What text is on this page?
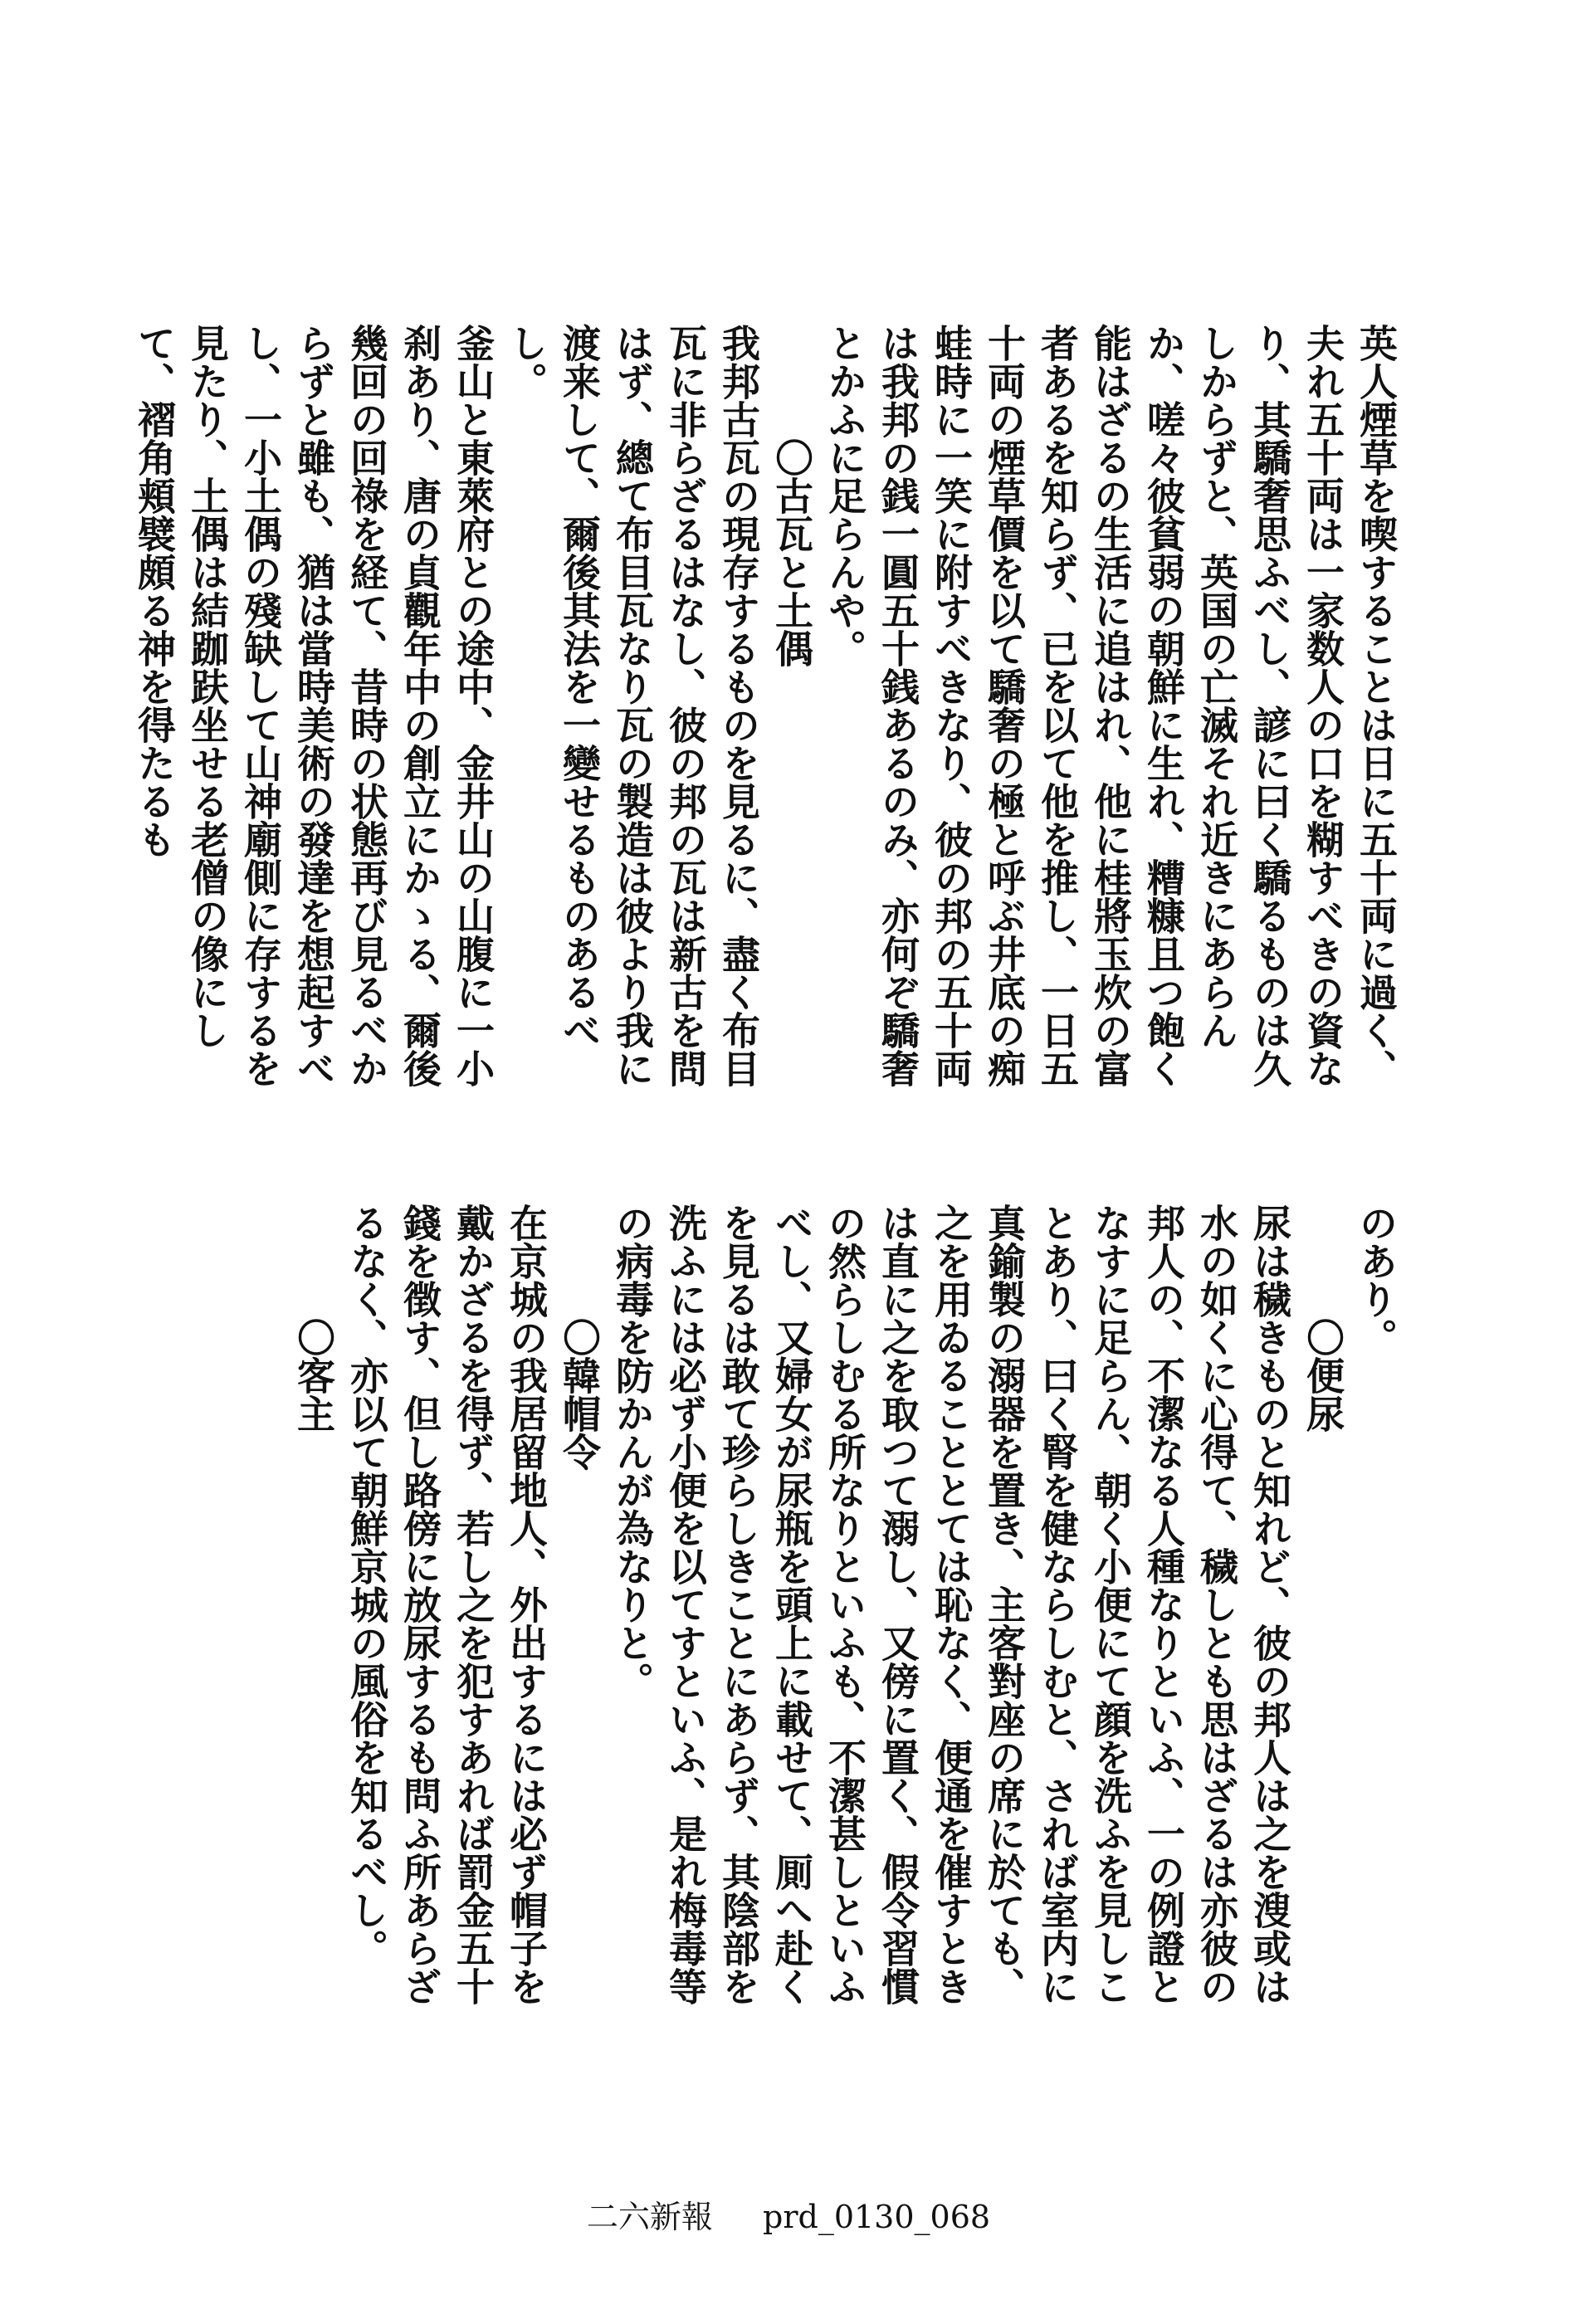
英人煙草を喫することは日に五十両に過く、夫れ五十両は一家数人の口を糊すべきの資なり、其驕奢思ふべし、諺に曰く驕るものは久しからずと、英国の亡滅それ近きにあらんか、嗟々彼貧弱の朝鮮に生れ、糟糠且つ飽く能はざるの生活に追はれ、他に桂將玉炊の富者あるを知らず、已を以て他を推し、一日五十両の煙草價を以て驕奢の極と呼ぶ井底の痴蛙時に一笑に附すべきなり、彼の邦の五十両は我邦の銭一圓五十銭あるのみ、亦何ぞ驕奢とかふに足らんや。

〇古瓦と土偶

我邦古瓦の現存するものを見るに、盡く布目瓦に非らざるはなし、彼の邦の瓦は新古を問はず、總て布目瓦なり瓦の製造は彼より我に渡来して、爾後其法を一變せるものあるべし。

釜山と東萊府との途中、金井山の山腹に一小刹あり、唐の貞觀年中の創立にかゝる、爾後幾回の回祿を経て、昔時の状態再び見るべからずと雖も、猶は當時美術の發達を想起すべし、一小土偶の殘缺して山神廟側に存するを見たり、土偶は結跏趺坐せる老僧の像にして、褶角頬襞頗る神を得たるも

のあり。

〇便尿

尿は穢きものと知れど、彼の邦人は之を溲或は水の如くに心得て、穢しとも思はざるは亦彼の邦人の、不潔なる人種なりといふ、一の例證となすに足らん、朝く小便にて顔を洗ふを見しことあり、曰く腎を健ならしむと、されば室内に真鍮製の溺器を置き、主客對座の席に於ても、之を用ゐることとては恥なく、便通を催すときは直に之を取つて溺し、又傍に置く、假令習慣の然らしむる所なりといふも、不潔甚しといふべし、又婦女が尿瓶を頭上に載せて、厠へ赴くを見るは敢て珍らしきことにあらず、其陰部を洗ふには必ず小便を以てすといふ、是れ梅毒等の病毒を防かんが為なりと。

〇韓帽令

在京城の我居留地人、外出するには必ず帽子を戴かざるを得ず、若し之を犯すあれば罰金五十錢を徴す、但し路傍に放尿するも問ふ所あらざるなく、亦以て朝鮮京城の風俗を知るべし。

〇客主

二六新報 prd_0130_068
